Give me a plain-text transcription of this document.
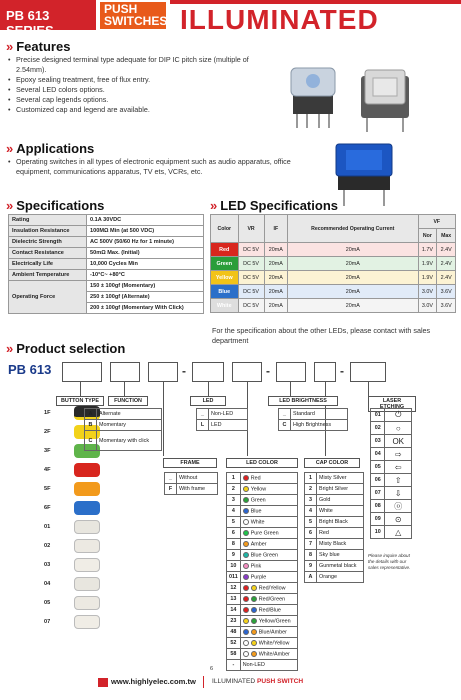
PB 613 SERIES
PUSH
SWITCHES ILLUMINATED
» Features
• Precise designed terminal type adequate for DIP IC pitch size (multiple of 2.54mm).
• Epoxy sealing treatment, free of flux entry.
• Several LED colors options.
• Several cap legends options.
• Customized cap and legend are available.
» Applications
• Operating switches in all types of electronic equipment such as audio apparatus, office equipment, communications apparatus, TV ets, VCRs, etc.
» Specifications
Rating	0.1A 30VDC
Insulation Resistance	100MΩ Min (at 500 VDC)
Dielectric Strength	AC 500V (50/60 Hz for 1 minute)
Contact Resistance	50mΩ Max. (Initial)
Electrically Life	10,000 Cycles Min
Ambient Temperature	-10°C~ +80°C
Operating Force	150 ± 100gf (Momentary)
	250 ± 100gf (Alternate)
	200 ± 100gf (Momentary With Click)
» LED Specifications
Color	VR	IF	Recommended Operating Current	VF	
				Nor	Max
Red	DC 5V	20mA	20mA	1.7V	2.4V
Green	DC 5V	20mA	20mA	1.9V	2.4V
Yellow	DC 5V	20mA	20mA	1.9V	2.4V
Blue	DC 5V	20mA	20mA	3.0V	3.6V
White	DC 5V	20mA	20mA	3.0V	3.6V
For the specification about the other LEDs, please contact with sales department
» Product selection
PB 613	-	-	-
BUTTON TYPE
1F
2F
3F
4F
5F
6F
01
02
03
04
05
07
FUNCTION
A	Alternate
B	Momentary
C	Momentary with click
LED
_	Non-LED
L	LED
LED BRIGHTNESS
_	Standard
C	High Brightness
LASER ETCHING
01	⏻
02	○
03	OK
04	⇨
05	⇦
06	⇧
07	⇩
08	ⓞ
09	⊙
10	△
Please inquire about the details with our sales representative.
FRAME
_	Without
F	With frame
LED COLOR
1	Red
2	Yellow
3	Green
4	Blue
5	White
6	Pure Green
8	Amber
9	Blue Green
10	Pink
011	Purple
12	Red/Yellow
13	Red/Green
14	Red/Blue
23	Yellow/Green
48	Blue/Amber
52	White/Yellow
58	White/Amber
-	Non-LED
CAP COLOR
1	Misty Silver
2	Bright Silver
3	Gold
4	White
5	Bright Black
6	Red
7	Misty Black
8	Sky blue
9	Gunmetal black
A	Orange
6
www.highlyelec.com.tw ILLUMINATED PUSH SWITCH
